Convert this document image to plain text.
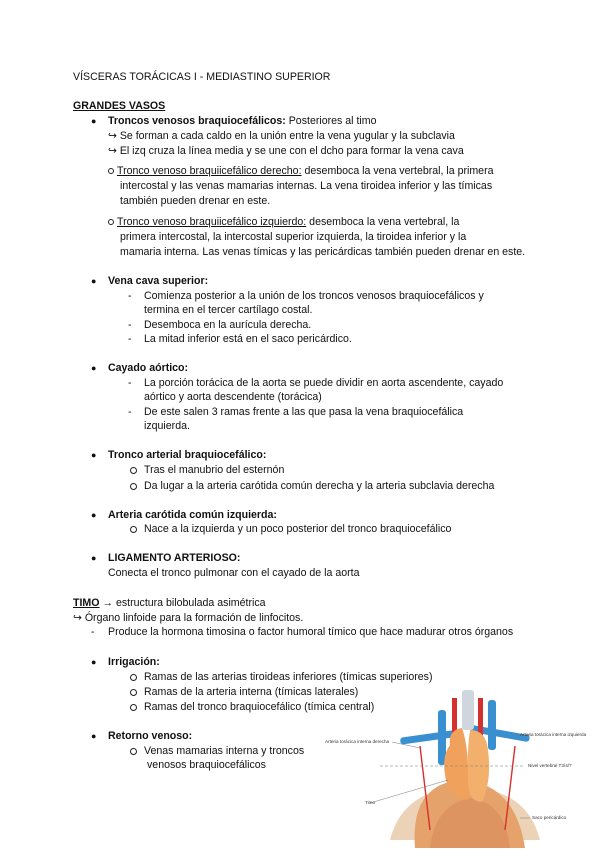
VÍSCERAS TORÁCICAS I - MEDIASTINO SUPERIOR
GRANDES VASOS
● Troncos venosos braquiocefálicos: Posteriores al timo
↪ Se forman a cada caldo en la unión entre la vena yugular y la subclavia
↪ El izq cruza la línea media y se une con el dcho para formar la vena cava
Tronco venoso braquiicefálico derecho: desemboca la vena vertebral, la primera
intercostal y las venas mamarias internas. La vena tiroidea inferior y las tímicas
también pueden drenar en este.
Tronco venoso braquiicefálico izquierdo: desemboca la vena vertebral, la
primera intercostal, la intercostal superior izquierda, la tiroidea inferior y la
mamaria interna. Las venas tímicas y las pericárdicas también pueden drenar en este.
● Vena cava superior:
- Comienza posterior a la unión de los troncos venosos braquiocefálicos y
termina en el tercer cartílago costal.
- Desemboca en la aurícula derecha.
- La mitad inferior está en el saco pericárdico.
● Cayado aórtico:
- La porción torácica de la aorta se puede dividir en aorta ascendente, cayado
aórtico y aorta descendente (torácica)
- De este salen 3 ramas frente a las que pasa la vena braquiocefálica
izquierda.
● Tronco arterial braquiocefálico:
Tras el manubrio del esternón
Da lugar a la arteria carótida común derecha y la arteria subclavia derecha
● Arteria carótida común izquierda:
Nace a la izquierda y un poco posterior del tronco braquiocefálico
● LIGAMENTO ARTERIOSO:
Conecta el tronco pulmonar con el cayado de la aorta
TIMO → estructura bilobulada asimétrica
↪ Órgano linfoide para la formación de linfocitos.
- Produce la hormona timosina o factor humoral tímico que hace madurar otros órganos
● Irrigación:
Ramas de las arterias tiroideas inferiores (tímicas superiores)
Ramas de la arteria interna (tímicas laterales)
Ramas del tronco braquiocefálico (tímica central)
● Retorno venoso:
Venas mamarias interna y troncos
venosos braquiocefálicos
Arteria torácica interna derecha
Arteria torácica interna izquierda
Nivel vertebral T3/4/?
Timo
Saco pericárdico
